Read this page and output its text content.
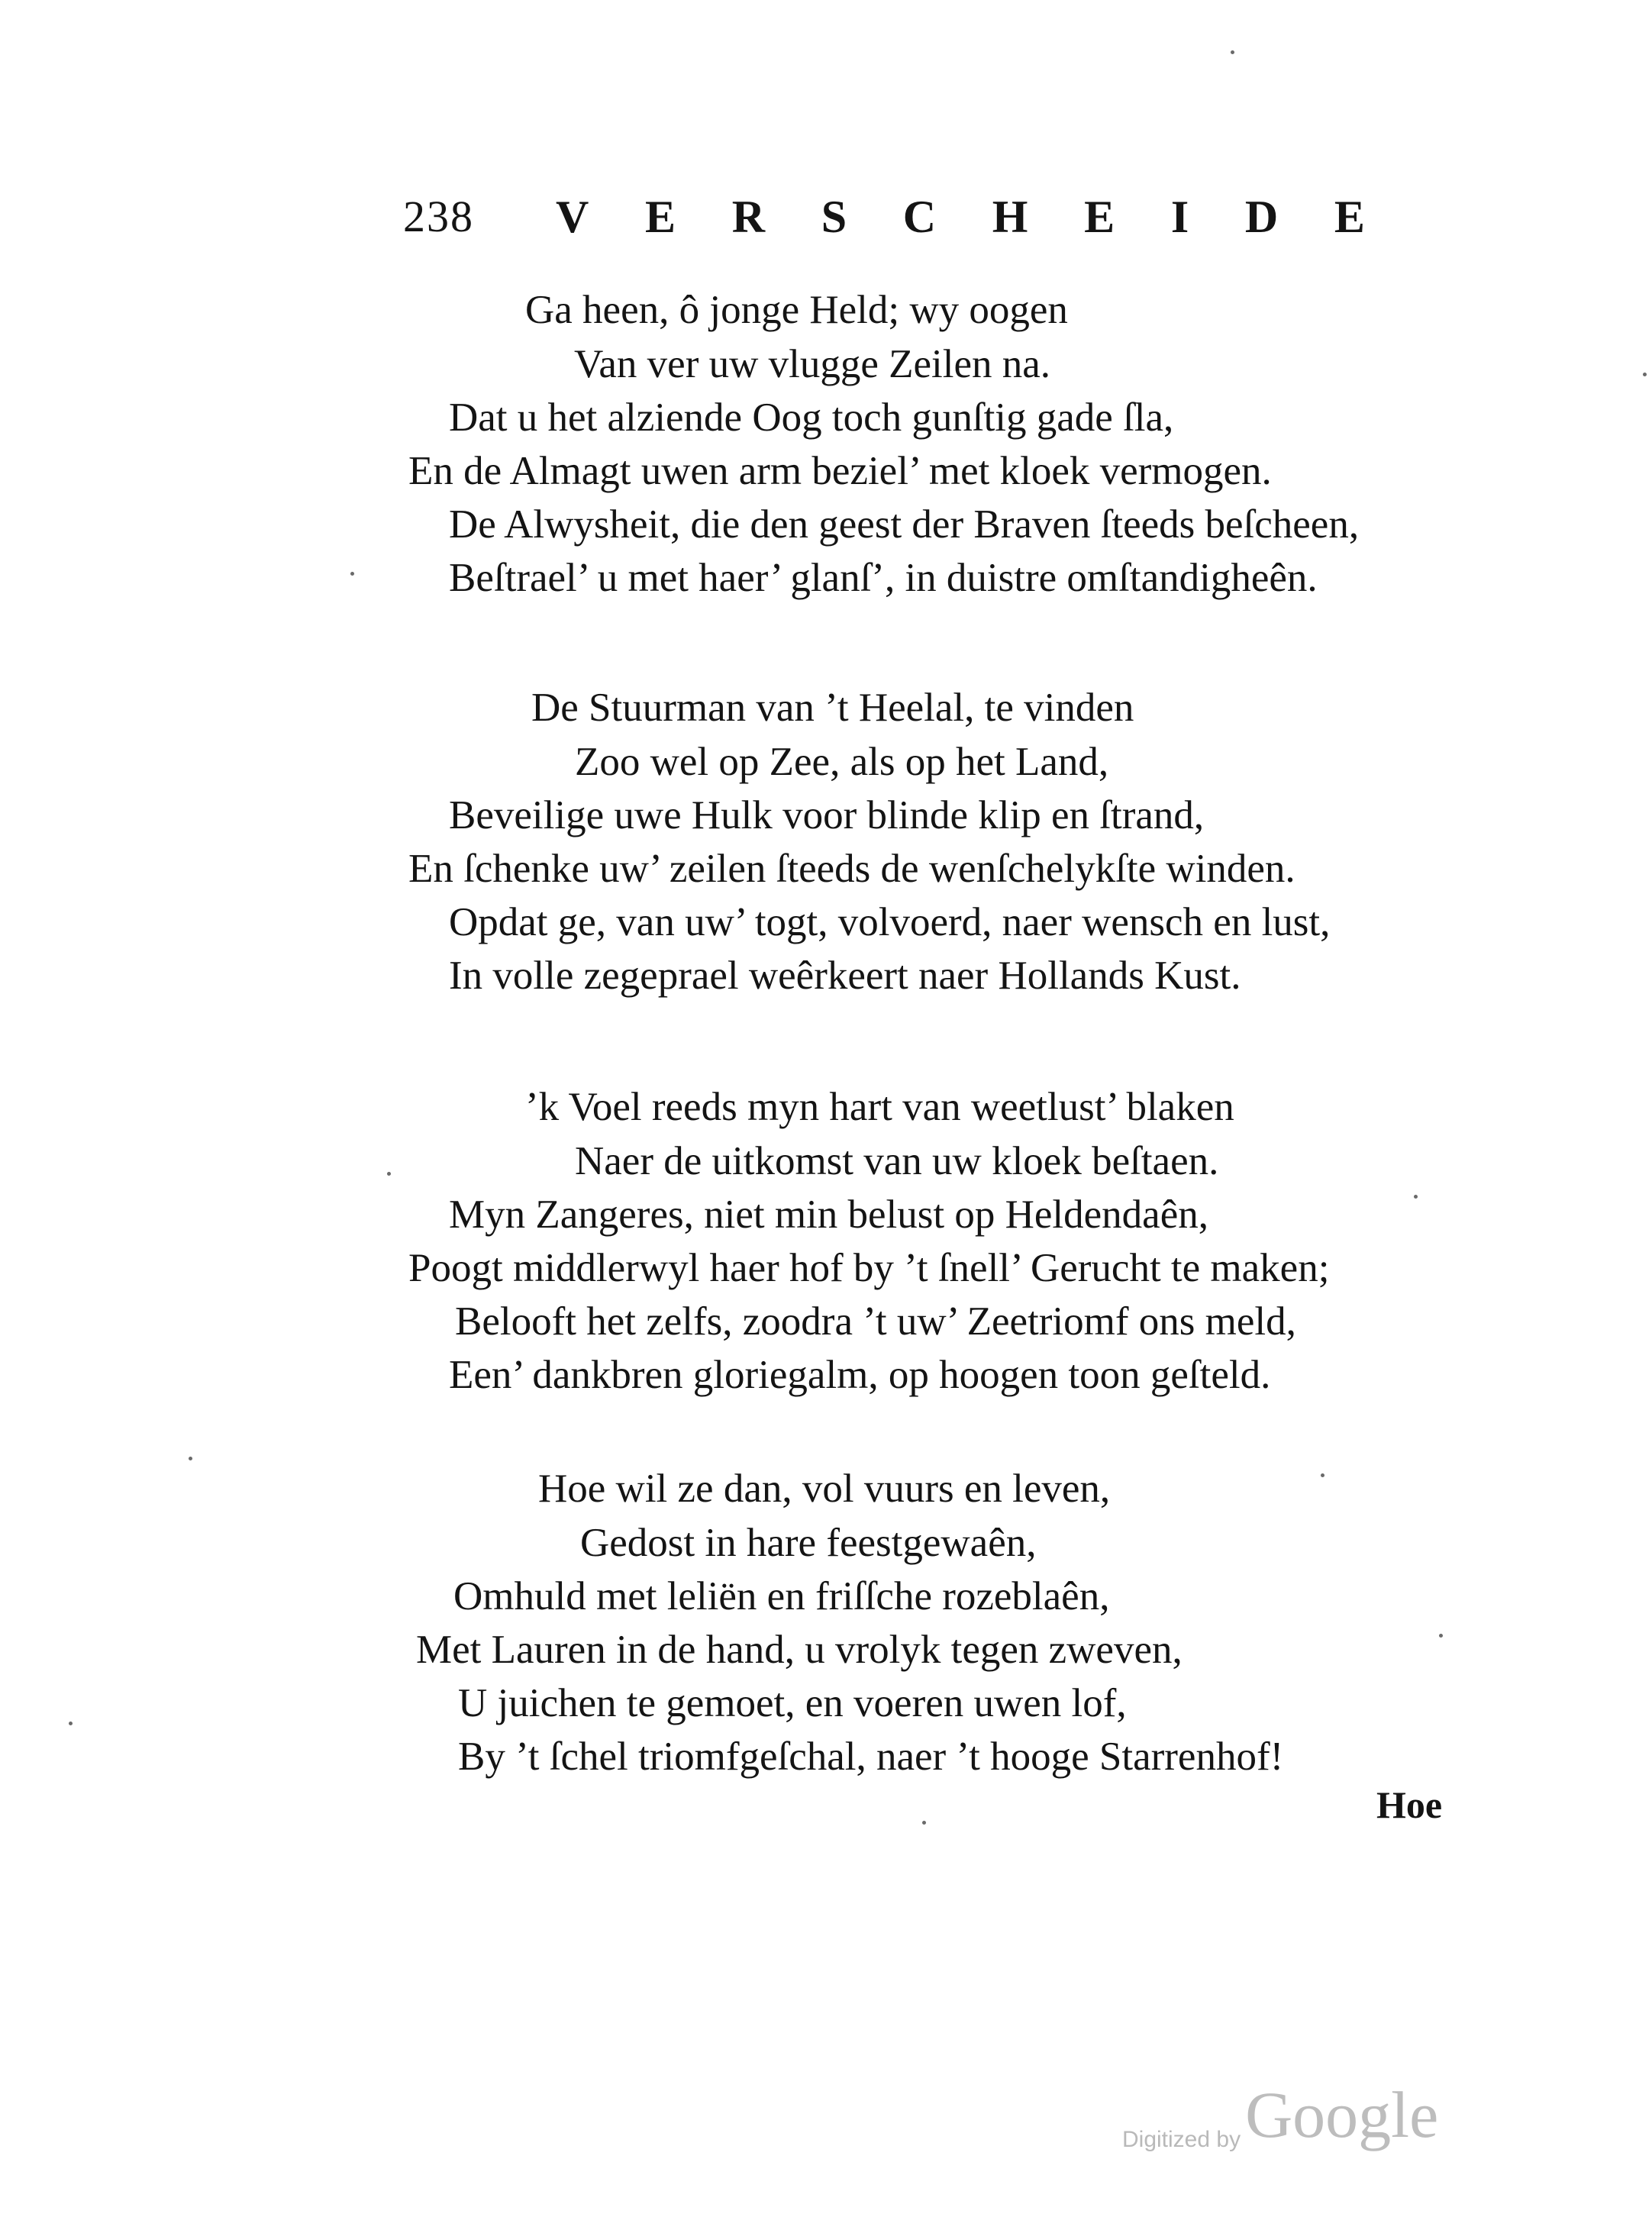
238 V E R S C H E I D E
Ga heen, ô jonge Held; wy oogen
Van ver uw vlugge Zeilen na.
Dat u het alziende Oog toch gunſtig gade ſla,
En de Almagt uwen arm beziel’ met kloek vermogen.
De Alwysheit, die den geest der Braven ſteeds beſcheen,
Beſtrael’ u met haer’ glanſ’, in duistre omſtandigheên.
De Stuurman van ’t Heelal, te vinden
Zoo wel op Zee, als op het Land,
Beveilige uwe Hulk voor blinde klip en ſtrand,
En ſchenke uw’ zeilen ſteeds de wenſchelykſte winden.
Opdat ge, van uw’ togt, volvoerd, naer wensch en lust,
In volle zegeprael weêrkeert naer Hollands Kust.
’k Voel reeds myn hart van weetlust’ blaken
Naer de uitkomst van uw kloek beſtaen.
Myn Zangeres, niet min belust op Heldendaên,
Poogt middlerwyl haer hof by ’t ſnell’ Gerucht te maken;
Belooft het zelfs, zoodra ’t uw’ Zeetriomf ons meld,
Een’ dankbren gloriegalm, op hoogen toon geſteld.
Hoe wil ze dan, vol vuurs en leven,
Gedost in hare feestgewaên,
Omhuld met leliën en friſſche rozeblaên,
Met Lauren in de hand, u vrolyk tegen zweven,
U juichen te gemoet, en voeren uwen lof,
By ’t ſchel triomfgeſchal, naer ’t hooge Starrenhof!
Hoe
Digitized byGoogle
